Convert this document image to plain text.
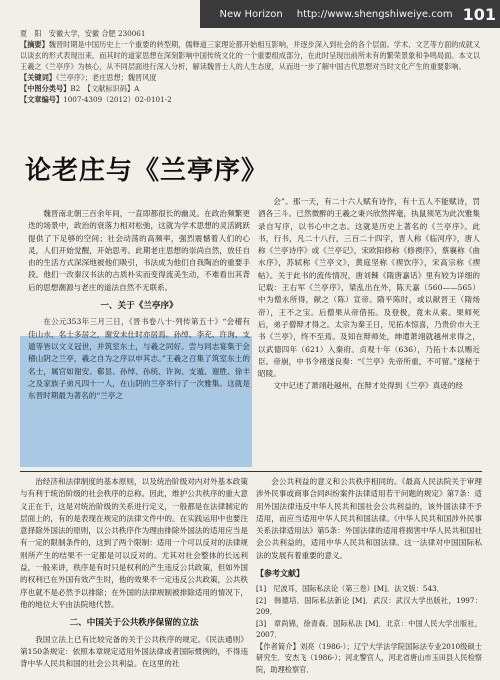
New Horizon http://www.shengshiweiye.com 101

夏　阳　安徽大学，安徽 合肥 230061

【摘要】魏晋时期是中国历史上一个重要的转型期，儒释道三家理论都开始相互影响，并逐步深入到社会的各个层面。学术、文艺等方面的成就又以谈玄的形式表现出来，而其时的道家思想在深刻影响中国传统文化的一个重要组成部分，在此时呈现出前所未有的繁荣景象和争鸣局面。本文以王羲之《兰亭序》为核心，从不同层面进行深入分析，解读魏晋士人的人生态度，从而进一步了解中国古代思想对当时文化产生的重要影响。

【关键词】《兰亭序》；老庄思想；魏晋风度

【中图分类号】B2　【文献标识码】A

【文章编号】1007-4309（2012）02-0101-2

论老庄与《兰亭序》

魏晋南北朝三百余年间，一直即都很长的幽灵。在政治频繁更迭的场景中，政治的衰落力相对松弛，这就为学术思想的灵活跳跃提供了下足够的空间；社会动荡的高频率，强烈震憾着人们的心灵，人们开始觉醒，开始思考。此期老庄思想的崇尚自然，放任自由的生活方式深深地被他们吸引，书法成为他们自我陶冶的重要手段。他们一改秦汉书法的古质朴实而变得流美生动，不难看出其背后的思想潮源与老庄的道法自然不无联系。

一、关于《兰亭序》

在公元353年三月三日，《晋书卷八十·列传第五十》“会稽有佳山水，名士多居之，谢安未仕时亦居焉。孙绰、李充、许询、支遁等皆以文义冠世，并筑室东土，与羲之同好。尝与同志宴集于会稽山阴之兰亭，羲之自为之序以申其志。”王羲之召集了筑室东土的名士，属官如谢安、郗昙、孙绰、孙统、许询、支遁、谢胜、徐丰之及家族子弟凡四十一人，在山阴的兰亭举行了一次雅集。这就是东晋时期最为著名的“兰亭之

会”。那一天，有二十六人赋有诗作，有十五人不能赋诗，罚酒各三斗。已然微醉的王羲之秉兴欣然挥毫，执鼠须笔为此次雅集录自写序，以书心中之志。这就是历史上著名的《兰亭序》。此书，行书，凡二十八行，三百二十四字，晋人称《临河序》，唐人称《兰亭诗序》或《兰亭记》，宋欧阳修称《修禊序》，蔡襄称《曲水序》，苏轼称《兰亭文》，黄庭坚称《禊饮序》，宋高宗称《禊帖》。关于此书的流传情况，唐刘餗《隋唐嘉话》里有较为详细的记载：王右军《兰亭序》，梁乱出在外，陈天嘉（560——565）中为僧永所得，献之（陈）宣帝。隋平陈时，或以献晋王（隋炀帝），王不之宝。后僧果从帝借拓。及登极，竟未从索。果师死后，弟子僧辩才得之。太宗为秦王日，见拓本惊喜，乃贵价市大王书《兰亭》，终不至焉。及知在辩师处，绅遣萧翊就越州求得之，以武德四年（621）入秦府。贞观十年（636），乃拓十本以赐近臣。帝崩，中书令褚遂良奏：“《兰亭》先帝所重，不可留。”遂秘于昭陵。

文中记述了萧翊赴越州，在辩才处得到《兰亭》真迹的经

治经济和法律制度的基本原则，以及统治阶级对内对外基本政策与有利于统治阶级的社会秩序的总称。因此，维护公共秩序的重大意义正在于，这是对统治阶级的关系进行定义，一般都是在法律制定的层面上的，有的是表现在规定的法律文件中的。在实践运用中也要注意择除外国法的原则，以公共秩序作为理由排除外国法的适用应当是有一定的限制条件的，这到了两个限制：适用一个可以反对的法律规则所产生的结果不一定都是可以反对的。尤其对社会整体的长远利益，一般来讲，秩序是有时只是权利的产生违反公共政策，但如外国的权利已在外国有效产生时，他的效果不一定违反公共政策，公共秩序也就不是必然予以排除；在外国的法律规制被排除适用的情况下，他的地位大平由法院地代替。

二、中国关于公共秩序保留的立法

我国立法上已有比较完备的关于公共秩序的规定。《民法通则》第150条规定：依照本章规定适用外国法律或者国际惯例的，不得违背中华人民共和国的社会公共利益。在这里的社

会公共利益的意义和公共秩序相同的。《最高人民法院关于审理涉外民事或商事合同纠纷案件法律适用若干问题的规定》第7条：适用外国法律违反中华人民共和国社会公共利益的，该外国法律不予适用，而应当适用中华人民共和国法律。《中华人民共和国涉外民事关系法律适用法》第5条：外国法律的适用将损害中华人民共和国社会公共利益的，适用中华人民共和国法律。这一法律对中国国际私法的发展有着重要的意义。

【参考文献】

[1]　尼波耳，国际私法论（第三卷）[M]．法文版：543．

[2]　韩德培．国际私法新论 [M]．武汉：武汉大学出版社，1997：209．

[3]　章尚锦，徐青森．国际私法 [M]．北京：中国人民大学出版社，2007．

【作者简介】刘亮（1986-）；辽宁大学法学院国际法专业2010级硕士研究生．安杰飞（1986-）；河北警官人，河北省唐山市玉田县人民检察院，助理检察官．
